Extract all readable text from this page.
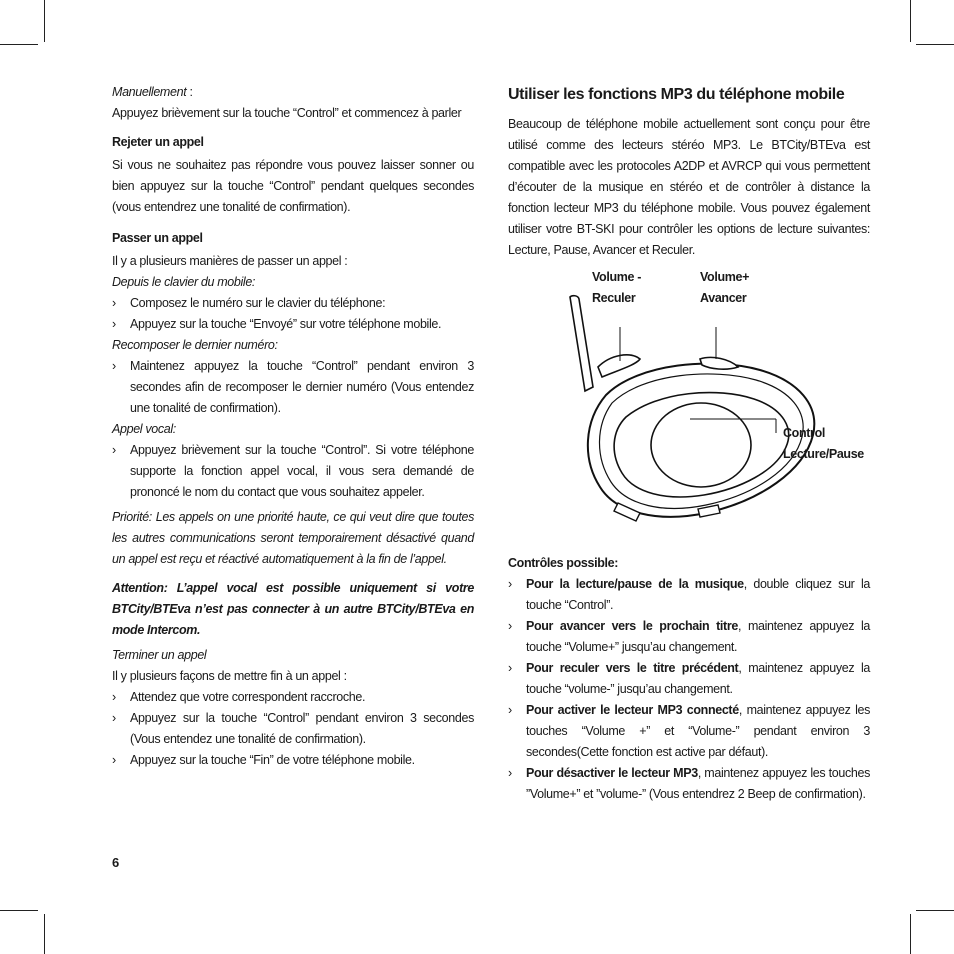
Manuellement :

Appuyez brièvement sur la touche “Control” et commencez à parler

Rejeter un appel

Si vous ne souhaitez pas répondre vous pouvez laisser sonner ou bien appuyez sur la touche “Control” pendant quelques secondes (vous entendrez une tonalité de confirmation).

Passer un appel

Il y a plusieurs manières de passer un appel :

Depuis le clavier du mobile:

› Composez le numéro sur le clavier du téléphone:
› Appuyez sur la touche “Envoyé” sur votre téléphone mobile.

Recomposer le dernier numéro:

› Maintenez appuyez la touche “Control” pendant environ 3 secondes afin de recomposer le dernier numéro (Vous entendez une tonalité de confirmation).

Appel vocal:

› Appuyez brièvement sur la touche “Control”. Si votre téléphone supporte la fonction appel vocal, il vous sera demandé de prononcé le nom du contact que vous souhaitez appeler.

Priorité: Les appels on une priorité haute, ce qui veut dire que toutes les autres communications seront temporairement désactivé quand un appel est reçu et réactivé automatiquement à la fin de l’appel.

Attention: L’appel vocal est possible uniquement si votre BTCity/BTEva n’est pas connecter à un autre BTCity/BTEva en mode Intercom.

Terminer un appel

Il y plusieurs façons de mettre fin à un appel :

› Attendez que votre correspondent raccroche.
› Appuyez sur la touche “Control” pendant environ 3 secondes (Vous entendez une tonalité de confirmation).
› Appuyez sur la touche “Fin” de votre téléphone mobile.

Utiliser les fonctions MP3 du téléphone mobile

Beaucoup de téléphone mobile actuellement sont conçu pour être utilisé comme des lecteurs stéréo MP3. Le BTCity/BTEva est compatible avec les protocoles A2DP et AVRCP qui vous permettent d’écouter de la musique en stéréo et de contrôler à distance la fonction lecteur MP3 du téléphone mobile. Vous pouvez également utiliser votre BT-SKI pour contrôler les options de lecture suivantes: Lecture, Pause, Avancer et Reculer.

Volume -
Reculer
Volume+
Avancer
Control
Lecture/Pause

Contrôles possible:

› Pour la lecture/pause de la musique, double cliquez sur la touche “Control”.
› Pour avancer vers le prochain titre, maintenez appuyez la touche “Volume+” jusqu’au changement.
› Pour reculer vers le titre précédent, maintenez appuyez la touche “volume-” jusqu’au changement.
› Pour activer le lecteur MP3 connecté, maintenez appuyez les touches “Volume +” et “Volume-” pendant environ 3 secondes(Cette fonction est active par défaut).
› Pour désactiver le lecteur MP3, maintenez appuyez les touches ”Volume+” et ”volume-” (Vous entendrez 2 Beep de confirmation).
6
